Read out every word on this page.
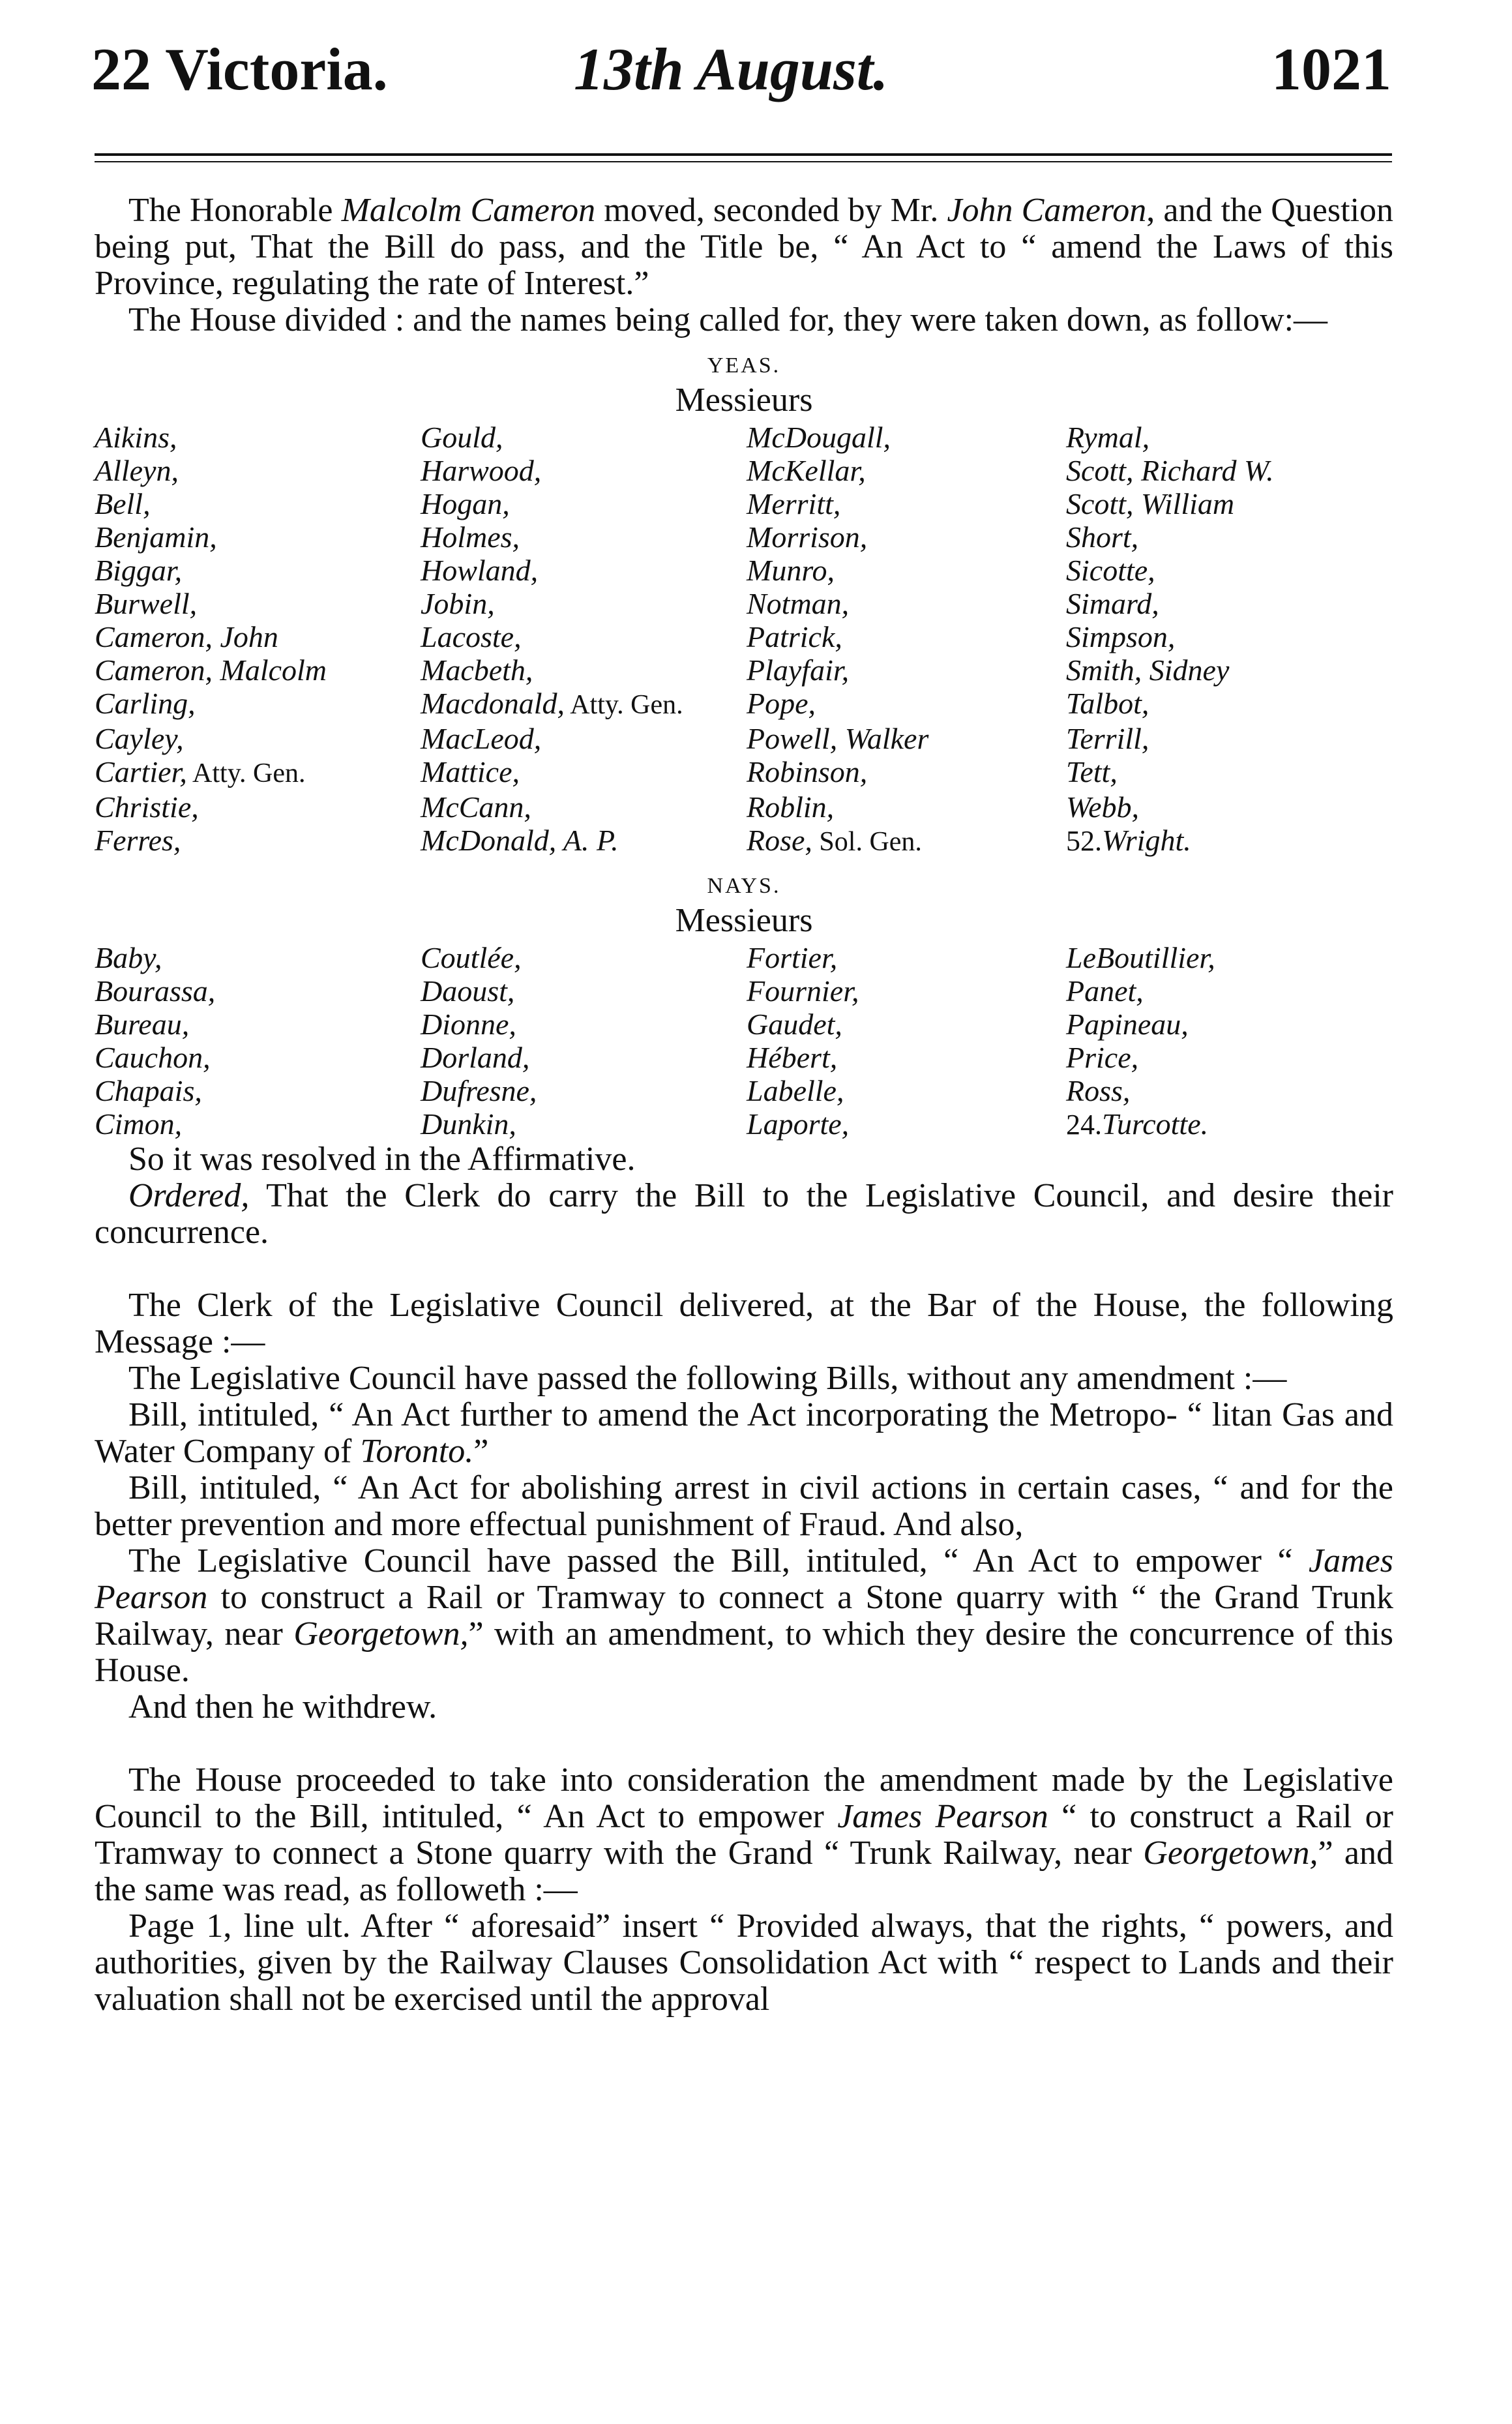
22 Victoria.	13th August.	1021

The Honorable Malcolm Cameron moved, seconded by Mr. John Cameron, and the Question being put, That the Bill do pass, and the Title be, “ An Act to “ amend the Laws of this Province, regulating the rate of Interest.”

The House divided : and the names being called for, they were taken down, as follow:—

YEAS.
Messieurs
Aikins,	Gould,	McDougall,	Rymal,
Alleyn,	Harwood,	McKellar,	Scott, Richard W.
Bell,	Hogan,	Merritt,	Scott, William
Benjamin,	Holmes,	Morrison,	Short,
Biggar,	Howland,	Munro,	Sicotte,
Burwell,	Jobin,	Notman,	Simard,
Cameron, John	Lacoste,	Patrick,	Simpson,
Cameron, Malcolm	Macbeth,	Playfair,	Smith, Sidney
Carling,	Macdonald, Atty. Gen.	Pope,	Talbot,
Cayley,	MacLeod,	Powell, Walker	Terrill,
Cartier, Atty. Gen.	Mattice,	Robinson,	Tett,
Christie,	McCann,	Roblin,	Webb,
Ferres,	McDonald, A. P.	Rose, Sol. Gen.	52.Wright.
NAYS.
Messieurs
Baby,	Coutlée,	Fortier,	LeBoutillier,
Bourassa,	Daoust,	Fournier,	Panet,
Bureau,	Dionne,	Gaudet,	Papineau,
Cauchon,	Dorland,	Hébert,	Price,
Chapais,	Dufresne,	Labelle,	Ross,
Cimon,	Dunkin,	Laporte,	24.Turcotte.

So it was resolved in the Affirmative.

Ordered, That the Clerk do carry the Bill to the Legislative Council, and desire their concurrence.

The Clerk of the Legislative Council delivered, at the Bar of the House, the following Message :—

The Legislative Council have passed the following Bills, without any amendment :—

Bill, intituled, “ An Act further to amend the Act incorporating the Metropo- “ litan Gas and Water Company of Toronto.”

Bill, intituled, “ An Act for abolishing arrest in civil actions in certain cases, “ and for the better prevention and more effectual punishment of Fraud. And also,

The Legislative Council have passed the Bill, intituled, “ An Act to empower “ James Pearson to construct a Rail or Tramway to connect a Stone quarry with “ the Grand Trunk Railway, near Georgetown,” with an amendment, to which they desire the concurrence of this House.

And then he withdrew.

The House proceeded to take into consideration the amendment made by the Legislative Council to the Bill, intituled, “ An Act to empower James Pearson “ to construct a Rail or Tramway to connect a Stone quarry with the Grand “ Trunk Railway, near Georgetown,” and the same was read, as followeth :—

Page 1, line ult. After “ aforesaid” insert “ Provided always, that the rights, “ powers, and authorities, given by the Railway Clauses Consolidation Act with “ respect to Lands and their valuation shall not be exercised until the approval
